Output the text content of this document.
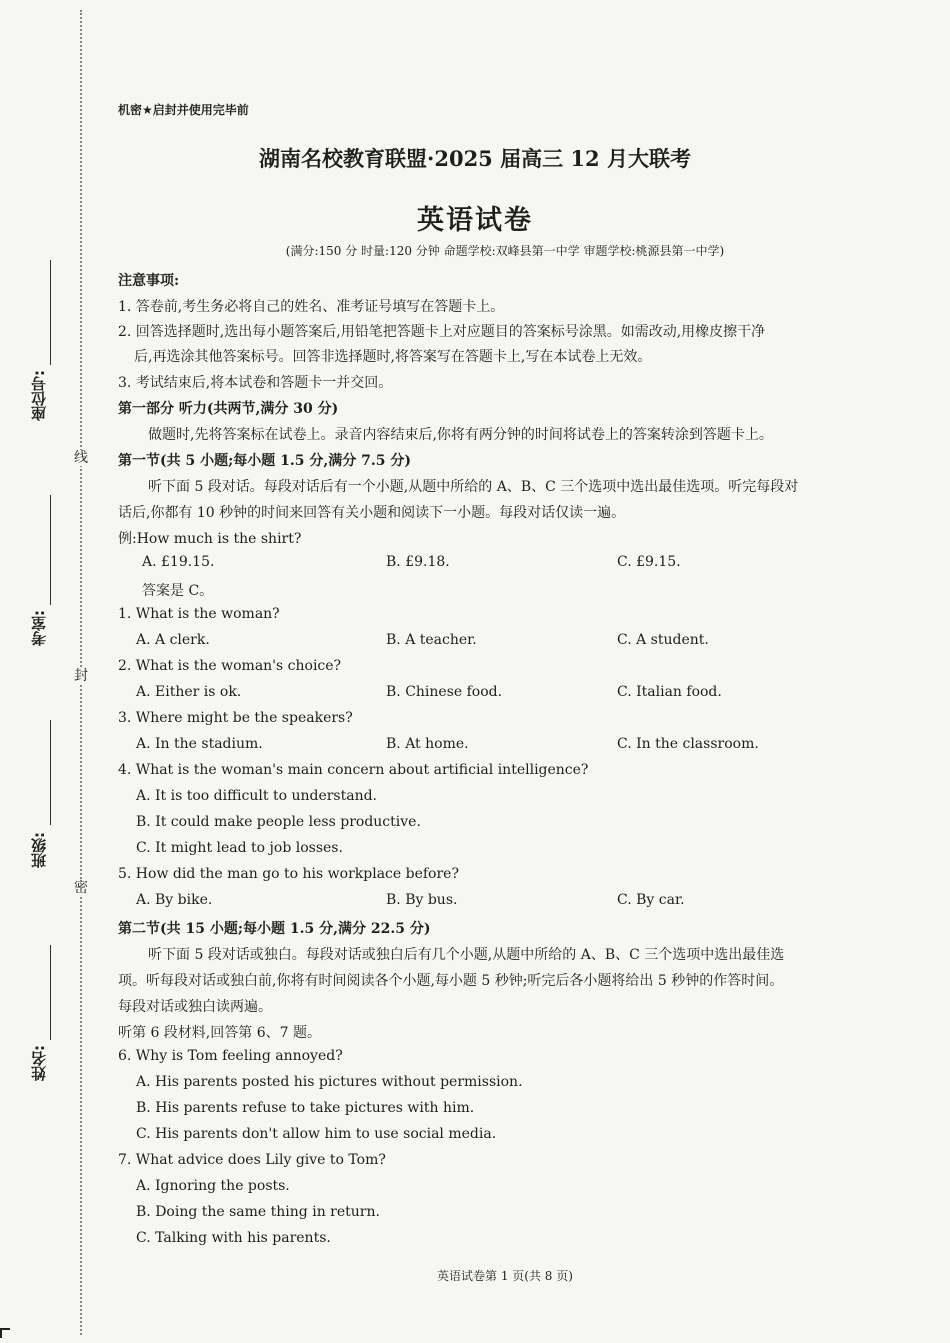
线
封
密
座位号:
考室:
班级:
姓名:
机密★启封并使用完毕前
湖南名校教育联盟·2025 届高三 12 月大联考
英语试卷
(满分:150 分 时量:120 分钟 命题学校:双峰县第一中学 审题学校:桃源县第一中学)
注意事项:
1. 答卷前,考生务必将自己的姓名、准考证号填写在答题卡上。
2. 回答选择题时,选出每小题答案后,用铅笔把答题卡上对应题目的答案标号涂黑。如需改动,用橡皮擦干净
后,再选涂其他答案标号。回答非选择题时,将答案写在答题卡上,写在本试卷上无效。
3. 考试结束后,将本试卷和答题卡一并交回。
第一部分 听力(共两节,满分 30 分)
做题时,先将答案标在试卷上。录音内容结束后,你将有两分钟的时间将试卷上的答案转涂到答题卡上。
第一节(共 5 小题;每小题 1.5 分,满分 7.5 分)
听下面 5 段对话。每段对话后有一个小题,从题中所给的 A、B、C 三个选项中选出最佳选项。听完每段对
话后,你都有 10 秒钟的时间来回答有关小题和阅读下一小题。每段对话仅读一遍。
例:How much is the shirt?
A. £19.15.	B. £9.18.	C. £9.15.
答案是 C。
1. What is the woman?
A. A clerk.	B. A teacher.	C. A student.
2. What is the woman's choice?
A. Either is ok.	B. Chinese food.	C. Italian food.
3. Where might be the speakers?
A. In the stadium.	B. At home.	C. In the classroom.
4. What is the woman's main concern about artificial intelligence?
A. It is too difficult to understand.
B. It could make people less productive.
C. It might lead to job losses.
5. How did the man go to his workplace before?
A. By bike.	B. By bus.	C. By car.
第二节(共 15 小题;每小题 1.5 分,满分 22.5 分)
听下面 5 段对话或独白。每段对话或独白后有几个小题,从题中所给的 A、B、C 三个选项中选出最佳选
项。听每段对话或独白前,你将有时间阅读各个小题,每小题 5 秒钟;听完后各小题将给出 5 秒钟的作答时间。
每段对话或独白读两遍。
听第 6 段材料,回答第 6、7 题。
6. Why is Tom feeling annoyed?
A. His parents posted his pictures without permission.
B. His parents refuse to take pictures with him.
C. His parents don't allow him to use social media.
7. What advice does Lily give to Tom?
A. Ignoring the posts.
B. Doing the same thing in return.
C. Talking with his parents.
英语试卷第 1 页(共 8 页)
